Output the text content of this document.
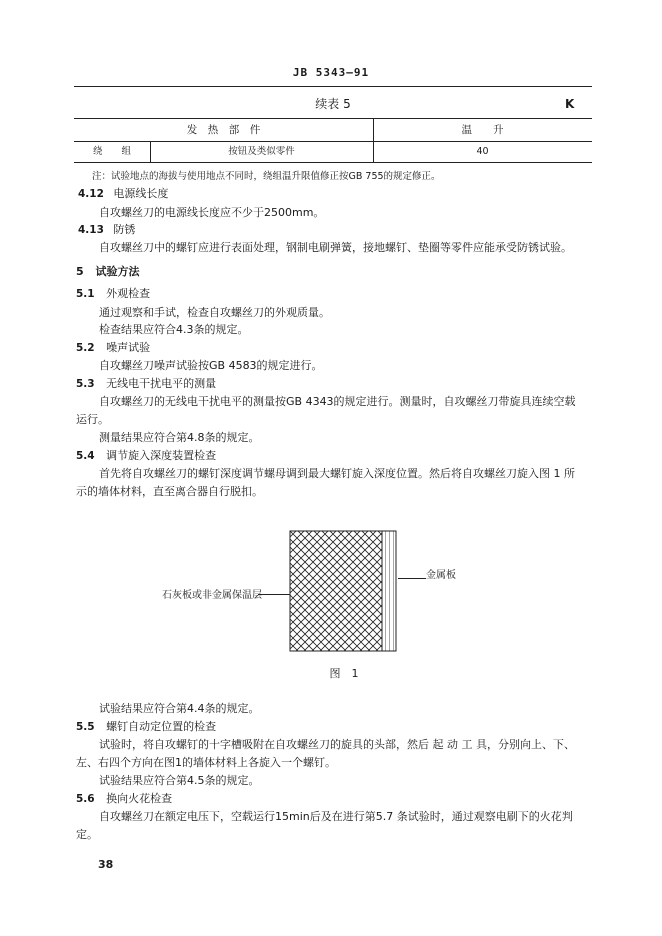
JB 5343—91
续表 5	K
发　热　部　件	温　　升
绕　　组	按钮及类似零件	40
注：试验地点的海拔与使用地点不同时，绕组温升限值修正按GB 755的规定修正。
4.12 电源线长度
自攻螺丝刀的电源线长度应不少于2500mm。
4.13 防锈
自攻螺丝刀中的螺钉应进行表面处理，钢制电刷弹簧，接地螺钉、垫圈等零件应能承受防锈试验。
5 试验方法
5.1 外观检查
通过观察和手试，检查自攻螺丝刀的外观质量。
检查结果应符合4.3条的规定。
5.2 噪声试验
自攻螺丝刀噪声试验按GB 4583的规定进行。
5.3 无线电干扰电平的测量
自攻螺丝刀的无线电干扰电平的测量按GB 4343的规定进行。测量时，自攻螺丝刀带旋具连续空载
运行。
测量结果应符合第4.8条的规定。
5.4 调节旋入深度装置检查
首先将自攻螺丝刀的螺钉深度调节螺母调到最大螺钉旋入深度位置。然后将自攻螺丝刀旋入图 1 所
示的墙体材料，直至离合器自行脱扣。
石灰板或非金属保温层
金属板
图　1
试验结果应符合第4.4条的规定。
5.5 螺钉自动定位置的检查
试验时，将自攻螺钉的十字槽吸附在自攻螺丝刀的旋具的头部，然后 起 动 工 具，分别向上、下、
左、右四个方向在图1的墙体材料上各旋入一个螺钉。
试验结果应符合第4.5条的规定。
5.6 换向火花检查
自攻螺丝刀在额定电压下，空载运行15min后及在进行第5.7 条试验时，通过观察电刷下的火花判
定。
38
